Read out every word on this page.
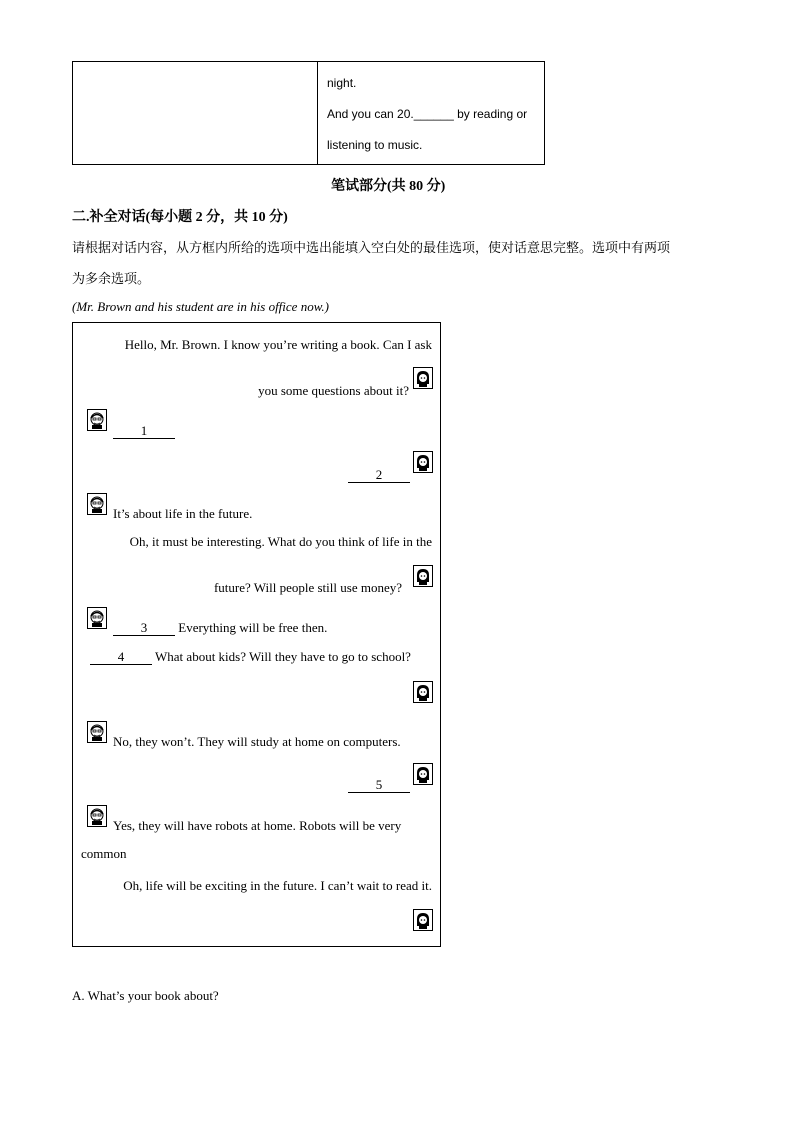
night.
And you can 20.______ by reading or
listening to music.
笔试部分(共 80 分)
二.补全对话(每小题 2 分，共 10 分)
请根据对话内容，从方框内所给的选项中选出能填入空白处的最佳选项，使对话意思完整。选项中有两项
为多余选项。
(Mr. Brown and his student are in his office now.)
Hello, Mr. Brown. I know you’re writing a book. Can I ask
you some questions about it?
1
2
It’s about life in the future.
Oh, it must be interesting. What do you think of life in the
future? Will people still use money?
3 Everything will be free then.
4 What about kids? Will they have to go to school?
No, they won’t. They will study at home on computers.
5
Yes, they will have robots at home. Robots will be very
common
Oh, life will be exciting in the future. I can’t wait to read it.
A. What’s your book about?
